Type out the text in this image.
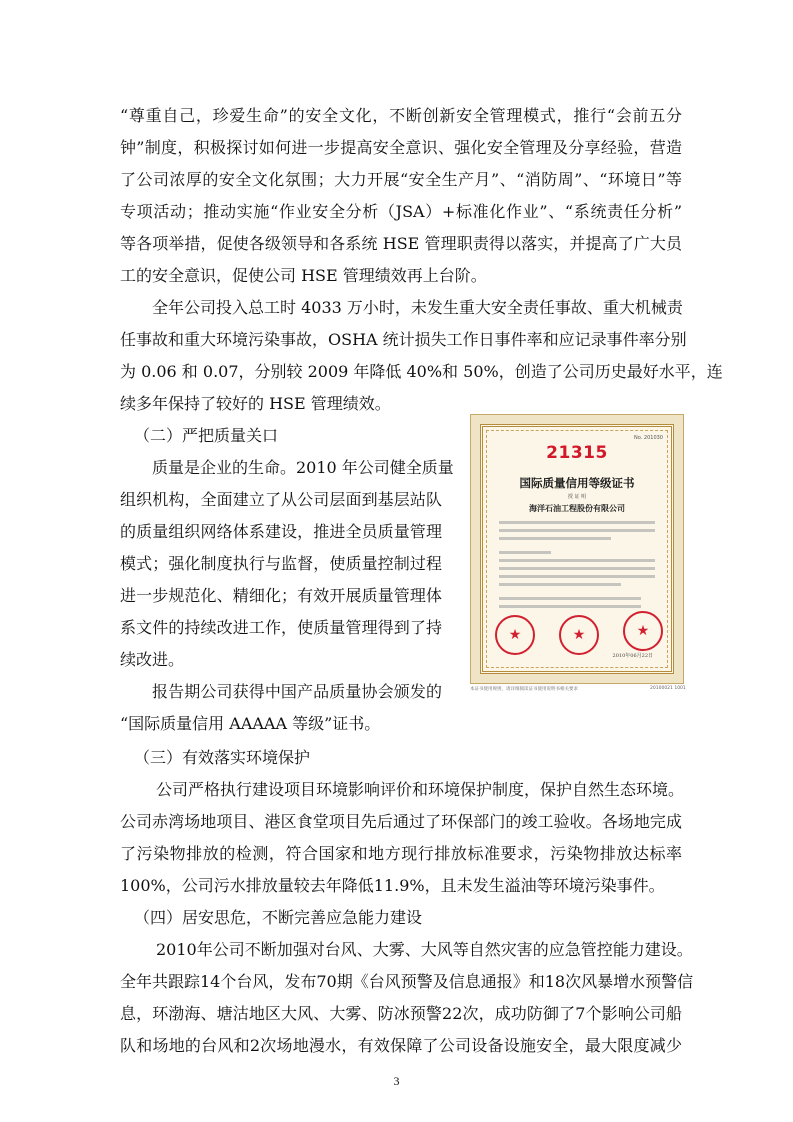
“尊重自己，珍爱生命”的安全文化，不断创新安全管理模式，推行“会前五分
钟”制度，积极探讨如何进一步提高安全意识、强化安全管理及分享经验，营造
了公司浓厚的安全文化氛围；大力开展“安全生产月”、“消防周”、“环境日”等
专项活动；推动实施“作业安全分析（JSA）+标准化作业”、“系统责任分析”
等各项举措，促使各级领导和各系统 HSE 管理职责得以落实，并提高了广大员
工的安全意识，促使公司 HSE 管理绩效再上台阶。
全年公司投入总工时 4033 万小时，未发生重大安全责任事故、重大机械责
任事故和重大环境污染事故，OSHA 统计损失工作日事件率和应记录事件率分别
为 0.06 和 0.07，分别较 2009 年降低 40%和 50%，创造了公司历史最好水平，连
续多年保持了较好的 HSE 管理绩效。
（二）严把质量关口
质量是企业的生命。2010 年公司健全质量
组织机构，全面建立了从公司层面到基层站队
的质量组织网络体系建设，推进全员质量管理
模式；强化制度执行与监督，使质量控制过程
进一步规范化、精细化；有效开展质量管理体
系文件的持续改进工作，使质量管理得到了持
续改进。
报告期公司获得中国产品质量协会颁发的
“国际质量信用 AAAAA 等级”证书。
No. 201030
21315
国际质量信用等级证书
授 证 明
海洋石油工程股份有限公司
★	★	★
2010年06月22日
本证书使用规则，请详细阅读证书使用说明书相关要求	20100021 1001
（三）有效落实环境保护
公司严格执行建设项目环境影响评价和环境保护制度，保护自然生态环境。
公司赤湾场地项目、港区食堂项目先后通过了环保部门的竣工验收。各场地完成
了污染物排放的检测，符合国家和地方现行排放标准要求，污染物排放达标率
100%，公司污水排放量较去年降低11.9%，且未发生溢油等环境污染事件。
（四）居安思危，不断完善应急能力建设
2010年公司不断加强对台风、大雾、大风等自然灾害的应急管控能力建设。
全年共跟踪14个台风，发布70期《台风预警及信息通报》和18次风暴增水预警信
息，环渤海、塘沽地区大风、大雾、防冰预警22次，成功防御了7个影响公司船
队和场地的台风和2次场地漫水，有效保障了公司设备设施安全，最大限度减少
3
